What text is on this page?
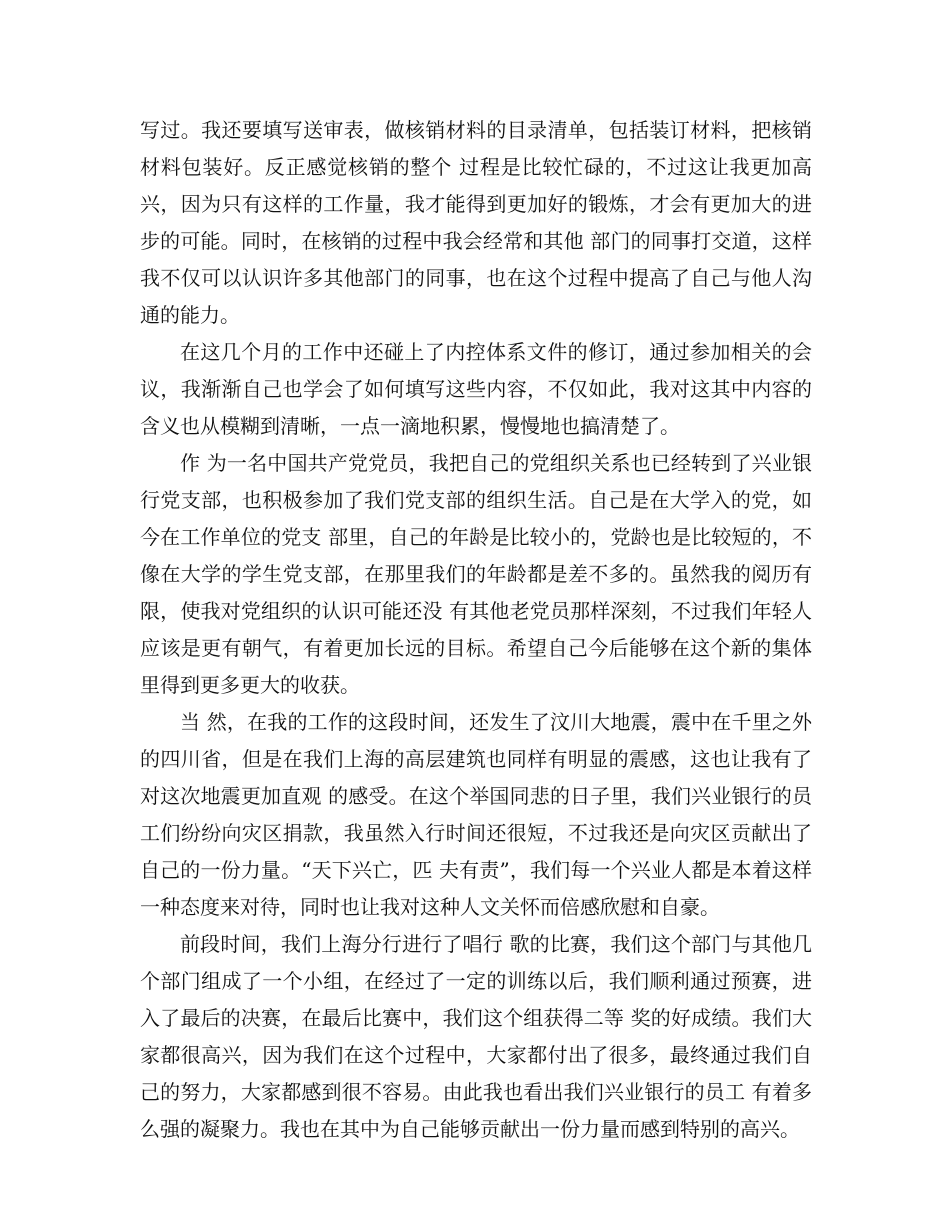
写过。我还要填写送审表，做核销材料的目录清单，包括装订材料，把核销材料包装好。反正感觉核销的整个 过程是比较忙碌的，不过这让我更加高兴，因为只有这样的工作量，我才能得到更加好的锻炼，才会有更加大的进步的可能。同时，在核销的过程中我会经常和其他 部门的同事打交道，这样我不仅可以认识许多其他部门的同事，也在这个过程中提高了自己与他人沟通的能力。

在这几个月的工作中还碰上了内控体系文件的修订，通过参加相关的会议，我渐渐自己也学会了如何填写这些内容，不仅如此，我对这其中内容的含义也从模糊到清晰，一点一滴地积累，慢慢地也搞清楚了。

作 为一名中国共产党党员，我把自己的党组织关系也已经转到了兴业银行党支部，也积极参加了我们党支部的组织生活。自己是在大学入的党，如今在工作单位的党支 部里，自己的年龄是比较小的，党龄也是比较短的，不像在大学的学生党支部，在那里我们的年龄都是差不多的。虽然我的阅历有限，使我对党组织的认识可能还没 有其他老党员那样深刻，不过我们年轻人应该是更有朝气，有着更加长远的目标。希望自己今后能够在这个新的集体里得到更多更大的收获。

当 然，在我的工作的这段时间，还发生了汶川大地震，震中在千里之外的四川省，但是在我们上海的高层建筑也同样有明显的震感，这也让我有了对这次地震更加直观 的感受。在这个举国同悲的日子里，我们兴业银行的员工们纷纷向灾区捐款，我虽然入行时间还很短，不过我还是向灾区贡献出了自己的一份力量。“天下兴亡，匹 夫有责”，我们每一个兴业人都是本着这样一种态度来对待，同时也让我对这种人文关怀而倍感欣慰和自豪。

前段时间，我们上海分行进行了唱行 歌的比赛，我们这个部门与其他几个部门组成了一个小组，在经过了一定的训练以后，我们顺利通过预赛，进入了最后的决赛，在最后比赛中，我们这个组获得二等 奖的好成绩。我们大家都很高兴，因为我们在这个过程中，大家都付出了很多，最终通过我们自己的努力，大家都感到很不容易。由此我也看出我们兴业银行的员工 有着多么强的凝聚力。我也在其中为自己能够贡献出一份力量而感到特别的高兴。
